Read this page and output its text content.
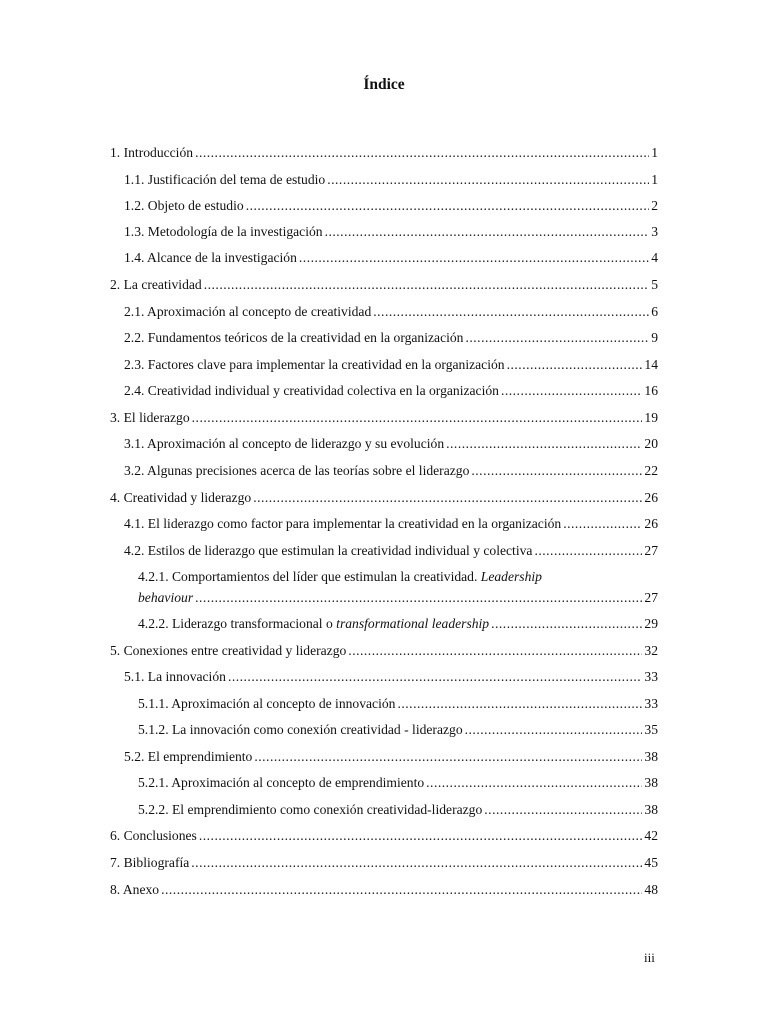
Índice
1. Introducción .....	1
1.1. Justificación del tema de estudio .....	1
1.2. Objeto de estudio .....	2
1.3. Metodología de la investigación .....	3
1.4. Alcance de la investigación .....	4
2. La creatividad .....	5
2.1. Aproximación al concepto de creatividad .....	6
2.2. Fundamentos teóricos de la creatividad en la organización .....	9
2.3. Factores clave para implementar la creatividad en la organización .....	14
2.4. Creatividad individual y creatividad colectiva en la organización .....	16
3. El liderazgo .....	19
3.1. Aproximación al concepto de liderazgo y su evolución .....	20
3.2. Algunas precisiones acerca de las teorías sobre el liderazgo .....	22
4. Creatividad y liderazgo .....	26
4.1. El liderazgo como factor para implementar la creatividad en la organización .....	26
4.2. Estilos de liderazgo que estimulan la creatividad individual y colectiva .....	27
4.2.1. Comportamientos del líder que estimulan la creatividad. Leadership
behaviour .....	27
4.2.2. Liderazgo transformacional o transformational leadership .....	29
5. Conexiones entre creatividad y liderazgo .....	32
5.1. La innovación .....	33
5.1.1. Aproximación al concepto de innovación .....	33
5.1.2. La innovación como conexión creatividad - liderazgo .....	35
5.2. El emprendimiento .....	38
5.2.1. Aproximación al concepto de emprendimiento .....	38
5.2.2. El emprendimiento como conexión creatividad-liderazgo .....	38
6. Conclusiones .....	42
7. Bibliografía .....	45
8. Anexo .....	48
iii
